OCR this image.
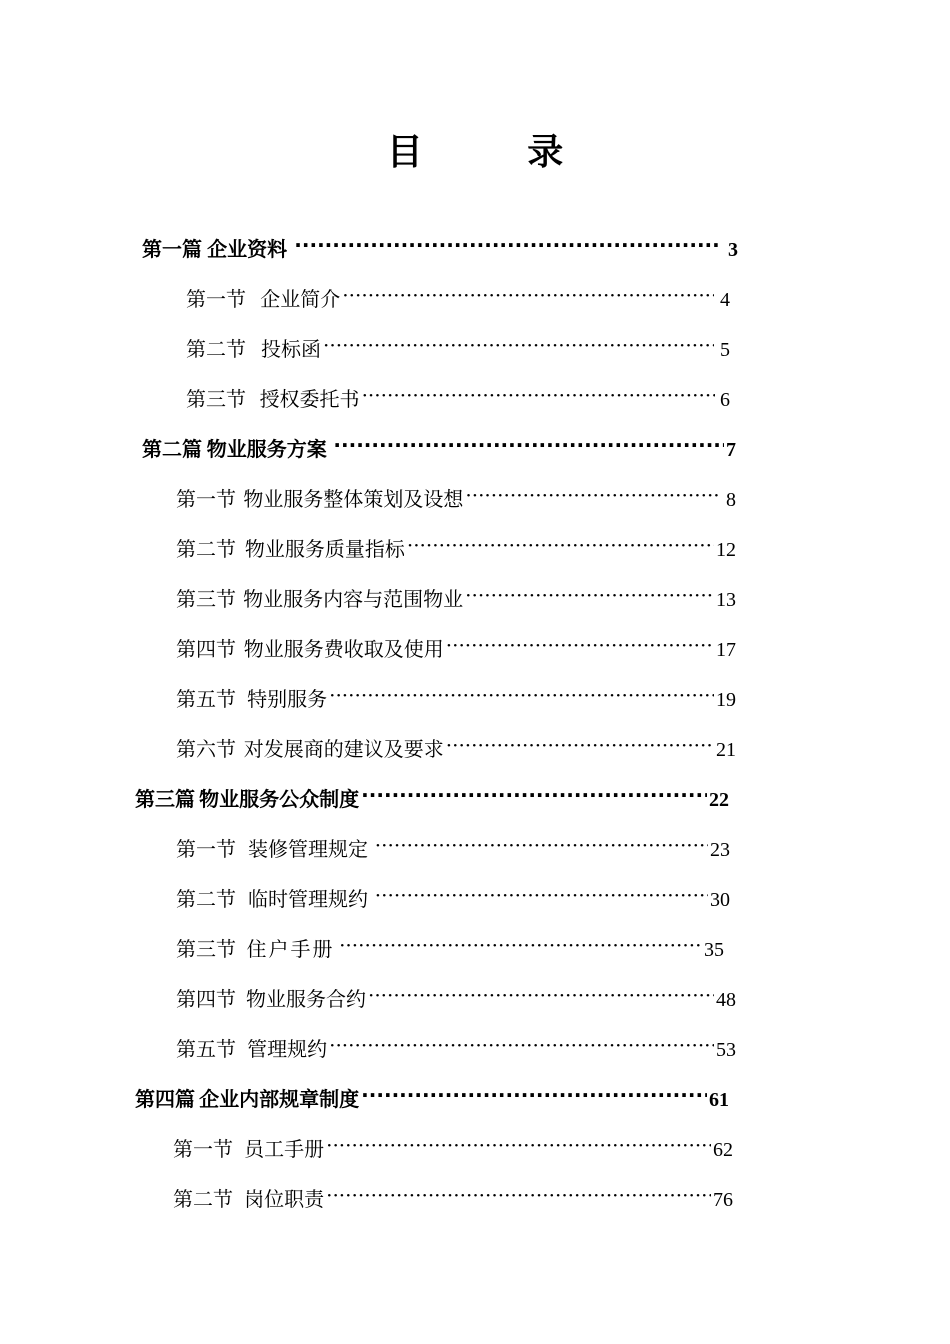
目 录
第一篇 企业资料 ·····	3
第一节 企业简介 ·····	4
第二节 投标函 ·····	5
第三节 授权委托书 ·····	6
第二篇 物业服务方案 ·····	7
第一节 物业服务整体策划及设想 ·····	8
第二节 物业服务质量指标 ·····	12
第三节 物业服务内容与范围物业 ·····	13
第四节 物业服务费收取及使用 ·····	17
第五节 特别服务 ·····	19
第六节 对发展商的建议及要求 ·····	21
第三篇 物业服务公众制度 ·····	22
第一节 装修管理规定 ·····	23
第二节 临时管理规约 ·····	30
第三节 住户手册 ·····	35
第四节 物业服务合约 ·····	48
第五节 管理规约 ·····	53
第四篇 企业内部规章制度 ·····	61
第一节 员工手册 ·····	62
第二节 岗位职责 ·····	76
